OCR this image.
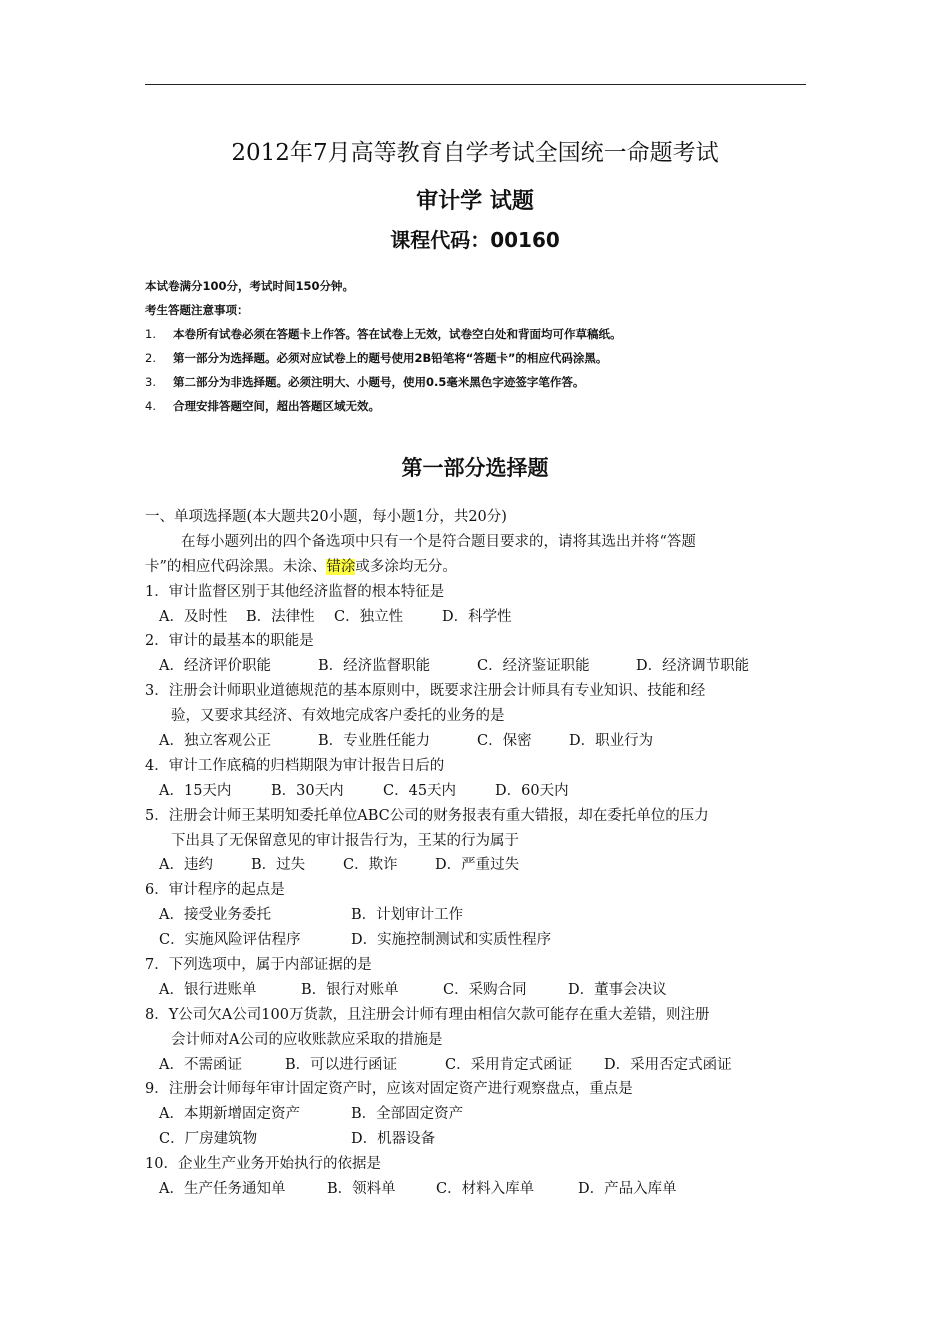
2012年7月高等教育自学考试全国统一命题考试
审计学 试题
课程代码：00160
本试卷满分100分，考试时间150分钟。
考生答题注意事项：
1. 本卷所有试卷必须在答题卡上作答。答在试卷上无效，试卷空白处和背面均可作草稿纸。
2. 第一部分为选择题。必须对应试卷上的题号使用2B铅笔将“答题卡”的相应代码涂黑。
3. 第二部分为非选择题。必须注明大、小题号，使用0.5毫米黑色字迹签字笔作答。
4. 合理安排答题空间，超出答题区域无效。
第一部分选择题
一、单项选择题(本大题共20小题，每小题1分，共20分)
在每小题列出的四个备选项中只有一个是符合题目要求的，请将其选出并将“答题
卡”的相应代码涂黑。未涂、错涂或多涂均无分。
1．审计监督区别于其他经济监督的根本特征是
A．及时性 B．法律性 C．独立性	D．科学性
2．审计的最基本的职能是
A．经济评价职能	B．经济监督职能	C．经济鉴证职能	D．经济调节职能
3．注册会计师职业道德规范的基本原则中，既要求注册会计师具有专业知识、技能和经
验，又要求其经济、有效地完成客户委托的业务的是
A．独立客观公正	B．专业胜任能力	C．保密	D．职业行为
4．审计工作底稿的归档期限为审计报告日后的
A．15天内	B．30天内	C．45天内	D．60天内
5．注册会计师王某明知委托单位ABC公司的财务报表有重大错报，却在委托单位的压力
下出具了无保留意见的审计报告行为，王某的行为属于
A．违约	B．过失	C．欺诈	D．严重过失
6．审计程序的起点是
A．接受业务委托	B．计划审计工作
C．实施风险评估程序	D．实施控制测试和实质性程序
7．下列选项中，属于内部证据的是
A．银行进账单	B．银行对账单	C．采购合同	D．董事会决议
8．Y公司欠A公司100万货款，且注册会计师有理由相信欠款可能存在重大差错，则注册
会计师对A公司的应收账款应采取的措施是
A．不需函证	B．可以进行函证	C．采用肯定式函证 D．采用否定式函证
9．注册会计师每年审计固定资产时，应该对固定资产进行观察盘点，重点是
A．本期新增固定资产	B．全部固定资产
C．厂房建筑物	D．机器设备
10．企业生产业务开始执行的依据是
A．生产任务通知单	B．领料单	C．材料入库单	D．产品入库单
